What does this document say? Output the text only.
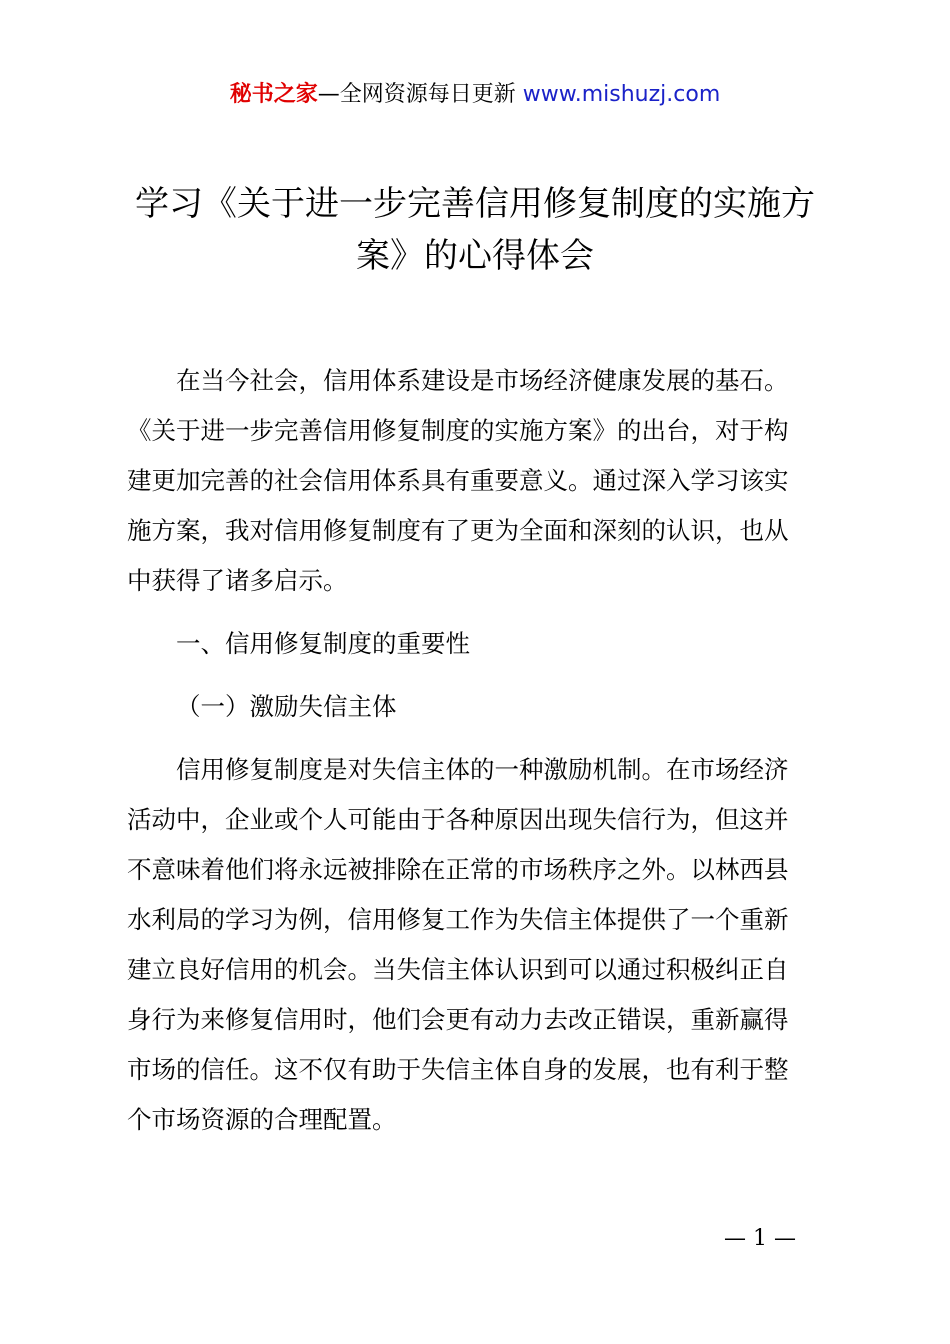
秘书之家—全网资源每日更新 www.mishuzj.com
学习《关于进一步完善信用修复制度的实施方
案》的心得体会

在当今社会，信用体系建设是市场经济健康发展的基石。
《关于进一步完善信用修复制度的实施方案》的出台，对于构
建更加完善的社会信用体系具有重要意义。通过深入学习该实
施方案，我对信用修复制度有了更为全面和深刻的认识，也从
中获得了诸多启示。

一、信用修复制度的重要性

（一）激励失信主体

信用修复制度是对失信主体的一种激励机制。在市场经济
活动中，企业或个人可能由于各种原因出现失信行为，但这并
不意味着他们将永远被排除在正常的市场秩序之外。以林西县
水利局的学习为例，信用修复工作为失信主体提供了一个重新
建立良好信用的机会。当失信主体认识到可以通过积极纠正自
身行为来修复信用时，他们会更有动力去改正错误，重新赢得
市场的信任。这不仅有助于失信主体自身的发展，也有利于整
个市场资源的合理配置。

— 1 —
